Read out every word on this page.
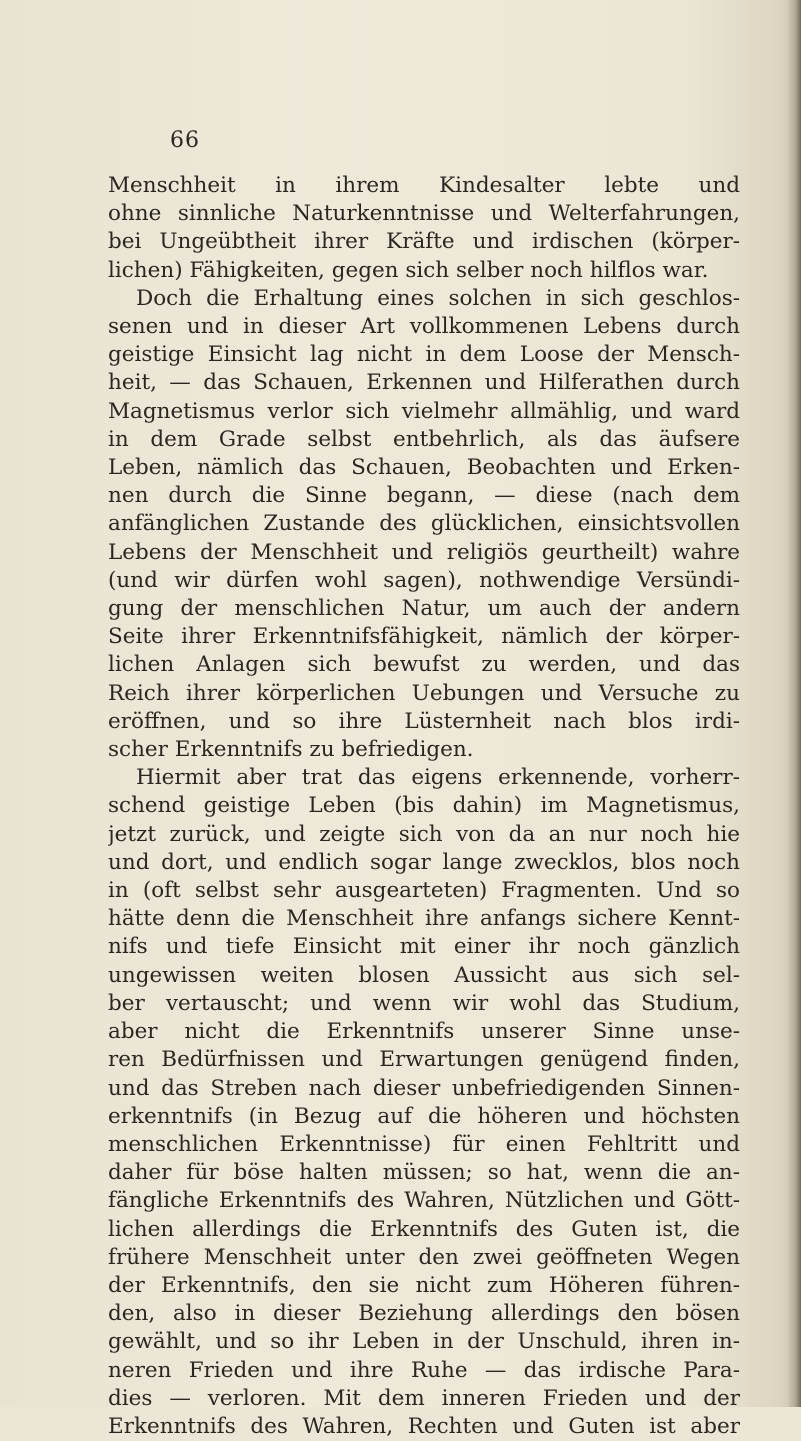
66
Menschheit in ihrem Kindesalter lebte und
ohne sinnliche Naturkenntnisse und Welterfahrungen,
bei Ungeübtheit ihrer Kräfte und irdischen (körper-
lichen) Fähigkeiten, gegen sich selber noch hilflos war.
Doch die Erhaltung eines solchen in sich geschlos-
senen und in dieser Art vollkommenen Lebens durch
geistige Einsicht lag nicht in dem Loose der Mensch-
heit, — das Schauen, Erkennen und Hilferathen durch
Magnetismus verlor sich vielmehr allmählig, und ward
in dem Grade selbst entbehrlich, als das äufsere
Leben, nämlich das Schauen, Beobachten und Erken-
nen durch die Sinne begann, — diese (nach dem
anfänglichen Zustande des glücklichen, einsichtsvollen
Lebens der Menschheit und religiös geurtheilt) wahre
(und wir dürfen wohl sagen), nothwendige Versündi-
gung der menschlichen Natur, um auch der andern
Seite ihrer Erkenntnifsfähigkeit, nämlich der körper-
lichen Anlagen sich bewufst zu werden, und das
Reich ihrer körperlichen Uebungen und Versuche zu
eröffnen, und so ihre Lüsternheit nach blos irdi-
scher Erkenntnifs zu befriedigen.
Hiermit aber trat das eigens erkennende, vorherr-
schend geistige Leben (bis dahin) im Magnetismus,
jetzt zurück, und zeigte sich von da an nur noch hie
und dort, und endlich sogar lange zwecklos, blos noch
in (oft selbst sehr ausgearteten) Fragmenten. Und so
hätte denn die Menschheit ihre anfangs sichere Kennt-
nifs und tiefe Einsicht mit einer ihr noch gänzlich
ungewissen weiten blosen Aussicht aus sich sel-
ber vertauscht; und wenn wir wohl das Studium,
aber nicht die Erkenntnifs unserer Sinne unse-
ren Bedürfnissen und Erwartungen genügend finden,
und das Streben nach dieser unbefriedigenden Sinnen-
erkenntnifs (in Bezug auf die höheren und höchsten
menschlichen Erkenntnisse) für einen Fehltritt und
daher für böse halten müssen; so hat, wenn die an-
fängliche Erkenntnifs des Wahren, Nützlichen und Gött-
lichen allerdings die Erkenntnifs des Guten ist, die
frühere Menschheit unter den zwei geöffneten Wegen
der Erkenntnifs, den sie nicht zum Höheren führen-
den, also in dieser Beziehung allerdings den bösen
gewählt, und so ihr Leben in der Unschuld, ihren in-
neren Frieden und ihre Ruhe — das irdische Para-
dies — verloren. Mit dem inneren Frieden und der
Erkenntnifs des Wahren, Rechten und Guten ist aber
